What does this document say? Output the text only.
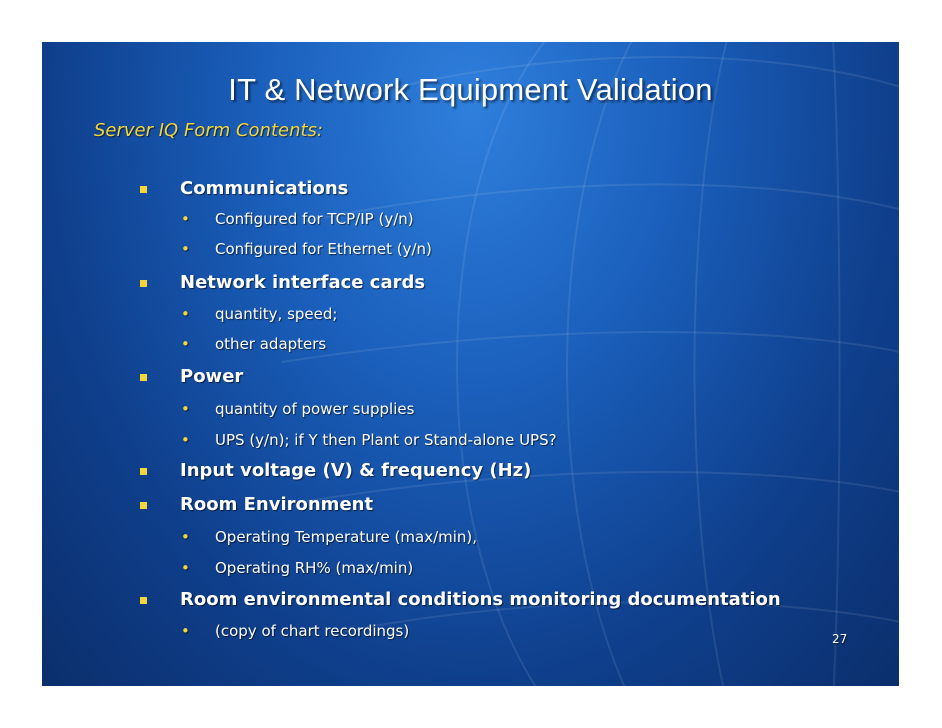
IT & Network Equipment Validation
Server IQ Form Contents:
Communications
• Configured for TCP/IP (y/n)
• Configured for Ethernet (y/n)
Network interface cards
• quantity, speed;
• other adapters
Power
• quantity of power supplies
• UPS (y/n); if Y then Plant or Stand-alone UPS?
Input voltage (V) & frequency (Hz)
Room Environment
• Operating Temperature (max/min),
• Operating RH% (max/min)
Room environmental conditions monitoring documentation
• (copy of chart recordings)	27
